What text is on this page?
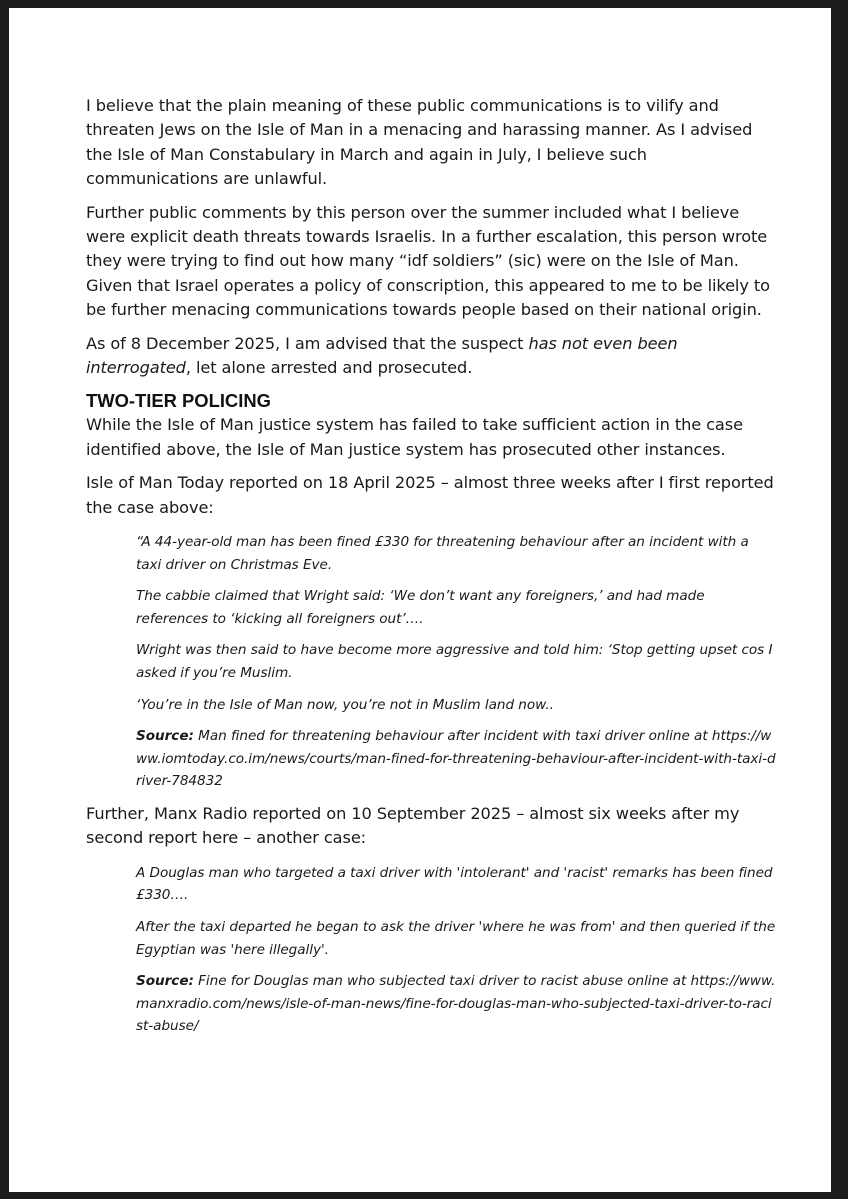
I believe that the plain meaning of these public communications is to vilify and threaten Jews on the Isle of Man in a menacing and harassing manner. As I advised the Isle of Man Constabulary in March and again in July, I believe such communications are unlawful.

Further public comments by this person over the summer included what I believe were explicit death threats towards Israelis. In a further escalation, this person wrote they were trying to find out how many “idf soldiers” (sic) were on the Isle of Man. Given that Israel operates a policy of conscription, this appeared to me to be likely to be further menacing communications towards people based on their national origin.

As of 8 December 2025, I am advised that the suspect has not even been interrogated, let alone arrested and prosecuted.

TWO-TIER POLICING

While the Isle of Man justice system has failed to take sufficient action in the case identified above, the Isle of Man justice system has prosecuted other instances.

Isle of Man Today reported on 18 April 2025 – almost three weeks after I first reported the case above:

“A 44-year-old man has been fined £330 for threatening behaviour after an incident with a taxi driver on Christmas Eve.

The cabbie claimed that Wright said: ‘We don’t want any foreigners,’ and had made references to ‘kicking all foreigners out’….

Wright was then said to have become more aggressive and told him: ‘Stop getting upset cos I asked if you’re Muslim.

‘You’re in the Isle of Man now, you’re not in Muslim land now..

Source: Man fined for threatening behaviour after incident with taxi driver online at https://www.iomtoday.co.im/news/courts/man-fined-for-threatening-behaviour-after-incident-with-taxi-driver-784832

Further, Manx Radio reported on 10 September 2025 – almost six weeks after my second report here – another case:

A Douglas man who targeted a taxi driver with 'intolerant' and 'racist' remarks has been fined £330….

After the taxi departed he began to ask the driver 'where he was from' and then queried if the Egyptian was 'here illegally'.

Source: Fine for Douglas man who subjected taxi driver to racist abuse online at https://www.manxradio.com/news/isle-of-man-news/fine-for-douglas-man-who-subjected-taxi-driver-to-racist-abuse/
